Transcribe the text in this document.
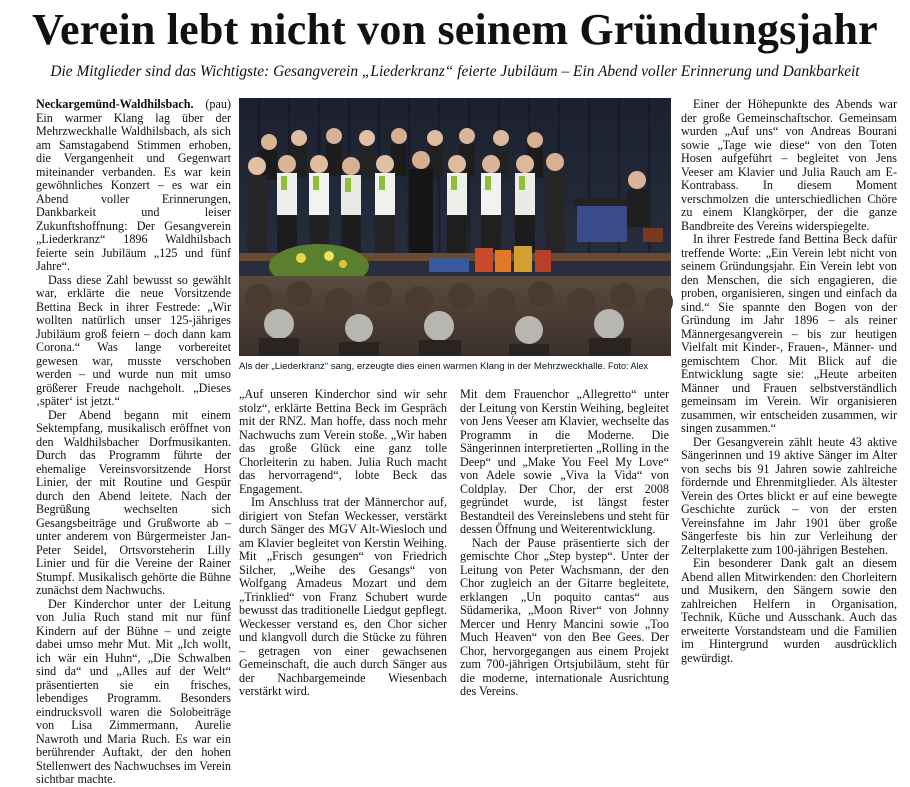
Verein lebt nicht von seinem Gründungsjahr
Die Mitglieder sind das Wichtigste: Gesangverein „Liederkranz“ feierte Jubiläum – Ein Abend voller Erinnerung und Dankbarkeit

Neckargemünd-Waldhilsbach. (pau) Ein warmer Klang lag über der Mehrzweckhalle Waldhilsbach, als sich am Samstagabend Stimmen erhoben, die Vergangenheit und Gegenwart miteinander verbanden. Es war kein gewöhnliches Konzert – es war ein Abend voller Erinnerungen, Dankbarkeit und leiser Zukunftshoffnung: Der Gesangverein „Liederkranz“ 1896 Waldhilsbach feierte sein Jubiläum „125 und fünf Jahre“.

Dass diese Zahl bewusst so gewählt war, erklärte die neue Vorsitzende Bettina Beck in ihrer Festrede: „Wir wollten natürlich unser 125-jähriges Jubiläum groß feiern – doch dann kam Corona.“ Was lange vorbereitet gewesen war, musste verschoben werden – und wurde nun mit umso größerer Freude nachgeholt. „Dieses ‚später‘ ist jetzt.“

Der Abend begann mit einem Sektempfang, musikalisch eröffnet von den Waldhilsbacher Dorfmusikanten. Durch das Programm führte der ehemalige Vereinsvorsitzende Horst Linier, der mit Routine und Gespür durch den Abend leitete. Nach der Begrüßung wechselten sich Gesangsbeiträge und Grußworte ab – unter anderem von Bürgermeister Jan-Peter Seidel, Ortsvorsteherin Lilly Linier und für die Vereine der Rainer Stumpf. Musikalisch gehörte die Bühne zunächst dem Nachwuchs.

Der Kinderchor unter der Leitung von Julia Ruch stand mit nur fünf Kindern auf der Bühne – und zeigte dabei umso mehr Mut. Mit „Ich wollt, ich wär ein Huhn“, „Die Schwalben sind da“ und „Alles auf der Welt“ präsentierten sie ein frisches, lebendiges Programm. Besonders eindrucksvoll waren die Solobeiträge von Lisa Zimmermann, Aurelie Nawroth und Maria Ruch. Es war ein berührender Auftakt, der den hohen Stellenwert des Nachwuchses im Verein sichtbar machte.

Als der „Liederkranz“ sang, erzeugte dies einen warmen Klang in der Mehrzweckhalle. Foto: Alex

„Auf unseren Kinderchor sind wir sehr stolz“, erklärte Bettina Beck im Gespräch mit der RNZ. Man hoffe, dass noch mehr Nachwuchs zum Verein stoße. „Wir haben das große Glück eine ganz tolle Chorleiterin zu haben. Julia Ruch macht das hervorragend“, lobte Beck das Engagement.

Im Anschluss trat der Männerchor auf, dirigiert von Stefan Weckesser, verstärkt durch Sänger des MGV Alt-Wiesloch und am Klavier begleitet von Kerstin Weihing. Mit „Frisch gesungen“ von Friedrich Silcher, „Weihe des Gesangs“ von Wolfgang Amadeus Mozart und dem „Trinklied“ von Franz Schubert wurde bewusst das traditionelle Liedgut gepflegt. Weckesser verstand es, den Chor sicher und klangvoll durch die Stücke zu führen – getragen von einer gewachsenen Gemeinschaft, die auch durch Sänger aus der Nachbargemeinde Wiesenbach verstärkt wird.

Mit dem Frauenchor „Allegretto“ unter der Leitung von Kerstin Weihing, begleitet von Jens Veeser am Klavier, wechselte das Programm in die Moderne. Die Sängerinnen interpretierten „Rolling in the Deep“ und „Make You Feel My Love“ von Adele sowie „Viva la Vida“ von Coldplay. Der Chor, der erst 2008 gegründet wurde, ist längst fester Bestandteil des Vereinslebens und steht für dessen Öffnung und Weiterentwicklung.

Nach der Pause präsentierte sich der gemischte Chor „Step bystep“. Unter der Leitung von Peter Wachsmann, der den Chor zugleich an der Gitarre begleitete, erklangen „Un poquito cantas“ aus Südamerika, „Moon River“ von Johnny Mercer und Henry Mancini sowie „Too Much Heaven“ von den Bee Gees. Der Chor, hervorgegangen aus einem Projekt zum 700-jährigen Ortsjubiläum, steht für die moderne, internationale Ausrichtung des Vereins.

Einer der Höhepunkte des Abends war der große Gemeinschaftschor. Gemeinsam wurden „Auf uns“ von Andreas Bourani sowie „Tage wie diese“ von den Toten Hosen aufgeführt – begleitet von Jens Veeser am Klavier und Julia Rauch am E-Kontrabass. In diesem Moment verschmolzen die unterschiedlichen Chöre zu einem Klangkörper, der die ganze Bandbreite des Vereins widerspiegelte.

In ihrer Festrede fand Bettina Beck dafür treffende Worte: „Ein Verein lebt nicht von seinem Gründungsjahr. Ein Verein lebt von den Menschen, die sich engagieren, die proben, organisieren, singen und einfach da sind.“ Sie spannte den Bogen von der Gründung im Jahr 1896 – als reiner Männergesangverein – bis zur heutigen Vielfalt mit Kinder-, Frauen-, Männer- und gemischtem Chor. Mit Blick auf die Entwicklung sagte sie: „Heute arbeiten Männer und Frauen selbstverständlich gemeinsam im Verein. Wir organisieren zusammen, wir entscheiden zusammen, wir singen zusammen.“

Der Gesangverein zählt heute 43 aktive Sängerinnen und 19 aktive Sänger im Alter von sechs bis 91 Jahren sowie zahlreiche fördernde und Ehrenmitglieder. Als ältester Verein des Ortes blickt er auf eine bewegte Geschichte zurück – von der ersten Vereinsfahne im Jahr 1901 über große Sängerfeste bis hin zur Verleihung der Zelterplakette zum 100-jährigen Bestehen.

Ein besonderer Dank galt an diesem Abend allen Mitwirkenden: den Chorleitern und Musikern, den Sängern sowie den zahlreichen Helfern in Organisation, Technik, Küche und Ausschank. Auch das erweiterte Vorstandsteam und die Familien im Hintergrund wurden ausdrücklich gewürdigt.
